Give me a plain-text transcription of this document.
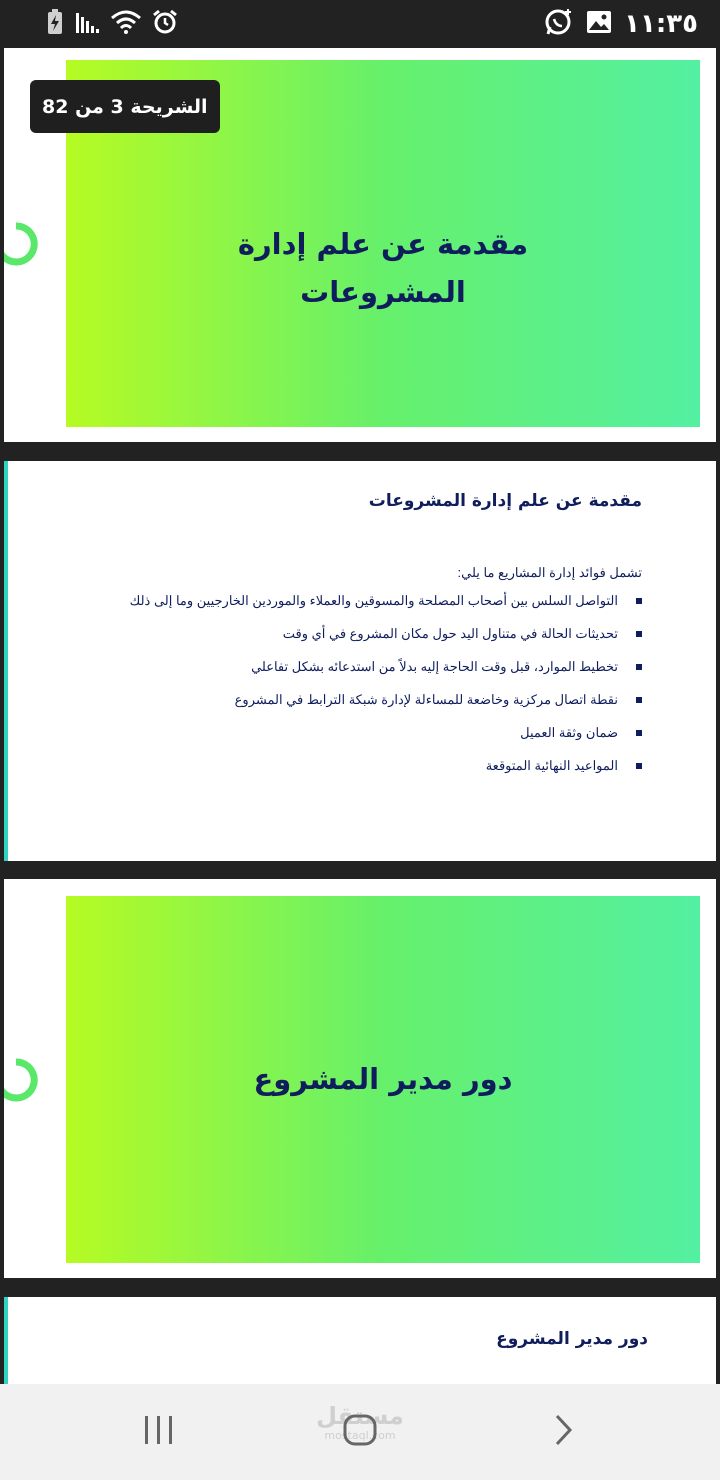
١١:٣٥
مقدمة عن علم إدارة
المشروعات
مقدمة عن علم إدارة المشروعات
تشمل فوائد إدارة المشاريع ما يلي:
التواصل السلس بين أصحاب المصلحة والمسوقين والعملاء والموردين الخارجيين وما إلى ذلك
تحديثات الحالة في متناول اليد حول مكان المشروع في أي وقت
تخطيط الموارد، قبل وقت الحاجة إليه بدلاً من استدعائه بشكل تفاعلي
نقطة اتصال مركزية وخاضعة للمساءلة لإدارة شبكة الترابط في المشروع
ضمان وثقة العميل
المواعيد النهائية المتوقعة
دور مدير المشروع
دور مدير المشروع
الشريحة 3 من 82
مستقل
mostaql.com
